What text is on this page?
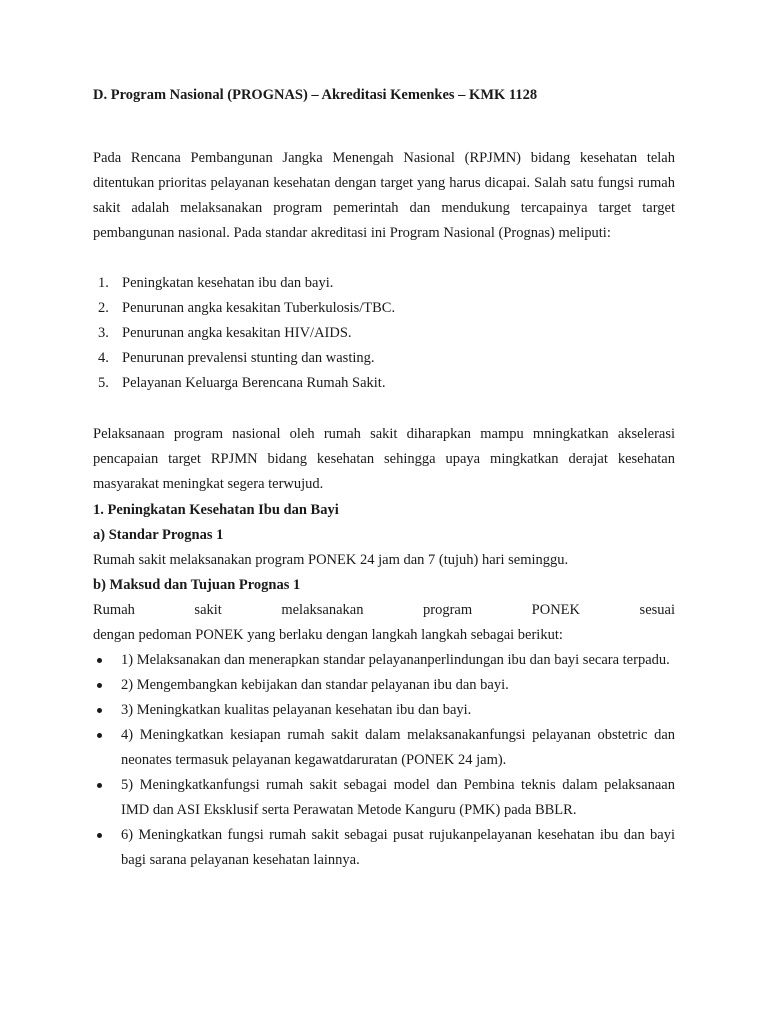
D. Program Nasional (PROGNAS) – Akreditasi Kemenkes – KMK 1128
Pada Rencana Pembangunan Jangka Menengah Nasional (RPJMN) bidang kesehatan telah ditentukan prioritas pelayanan kesehatan dengan target yang harus dicapai. Salah satu fungsi rumah sakit adalah melaksanakan program pemerintah dan mendukung tercapainya target target pembangunan nasional. Pada standar akreditasi ini Program Nasional (Prognas) meliputi:
1. Peningkatan kesehatan ibu dan bayi.
2. Penurunan angka kesakitan Tuberkulosis/TBC.
3. Penurunan angka kesakitan HIV/AIDS.
4. Penurunan prevalensi stunting dan wasting.
5. Pelayanan Keluarga Berencana Rumah Sakit.
Pelaksanaan program nasional oleh rumah sakit diharapkan mampu mningkatkan akselerasi pencapaian target RPJMN bidang kesehatan sehingga upaya mingkatkan derajat kesehatan masyarakat meningkat segera terwujud.
1. Peningkatan Kesehatan Ibu dan Bayi
a) Standar Prognas 1
Rumah sakit melaksanakan program PONEK 24 jam dan 7 (tujuh) hari seminggu.
b) Maksud dan Tujuan Prognas 1
Rumah	sakit	melaksanakan	program	PONEK	sesuai
dengan pedoman PONEK yang berlaku dengan langkah langkah sebagai berikut:
1) Melaksanakan dan menerapkan standar pelayananperlindungan ibu dan bayi secara terpadu.
2) Mengembangkan kebijakan dan standar pelayanan ibu dan bayi.
3) Meningkatkan kualitas pelayanan kesehatan ibu dan bayi.
4) Meningkatkan kesiapan rumah sakit dalam melaksanakanfungsi pelayanan obstetric dan neonates termasuk pelayanan kegawatdaruratan (PONEK 24 jam).
5) Meningkatkanfungsi rumah sakit sebagai model dan Pembina teknis dalam pelaksanaan IMD dan ASI Eksklusif serta Perawatan Metode Kanguru (PMK) pada BBLR.
6) Meningkatkan fungsi rumah sakit sebagai pusat rujukanpelayanan kesehatan ibu dan bayi bagi sarana pelayanan kesehatan lainnya.
